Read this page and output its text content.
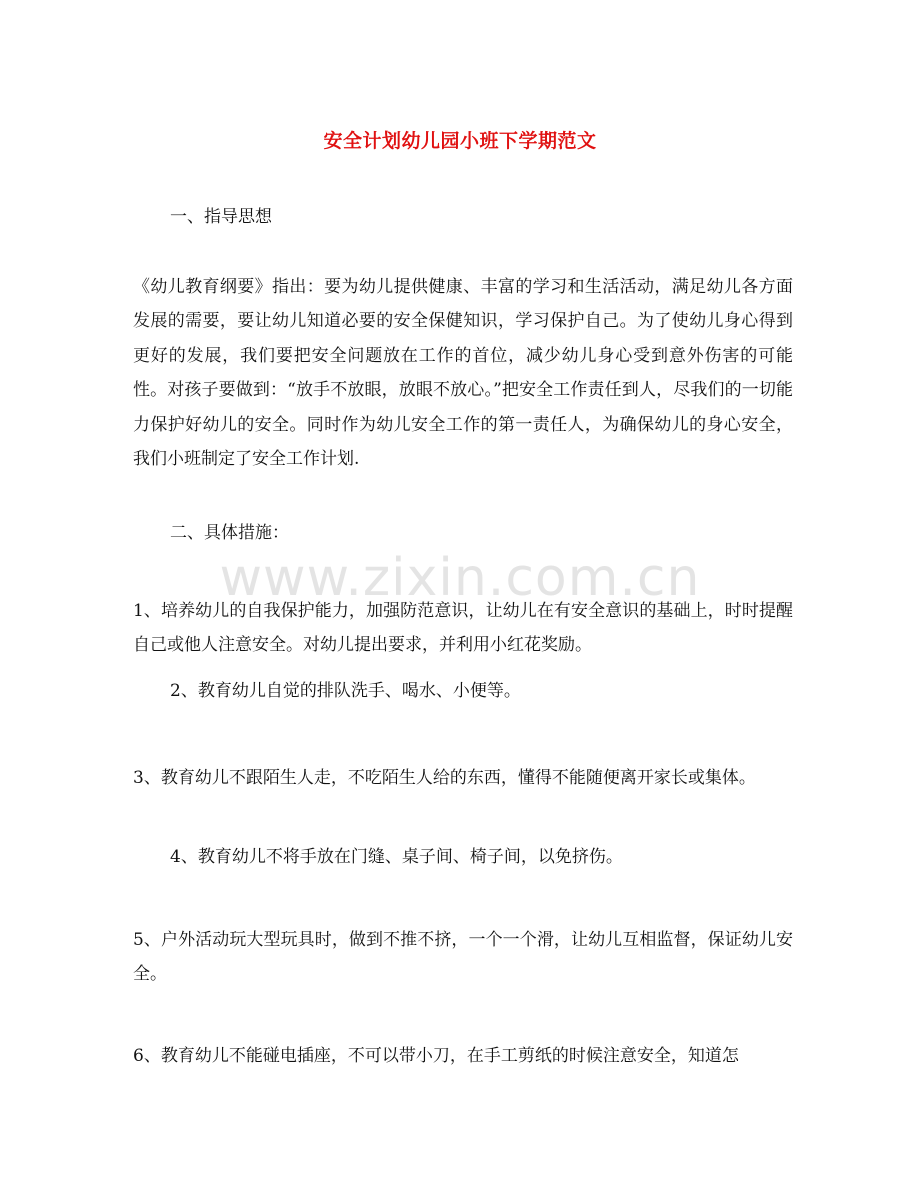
www.zixin.com.cn
安全计划幼儿园小班下学期范文
一、指导思想
《幼儿教育纲要》指出：要为幼儿提供健康、丰富的学习和生活活动，满足幼儿各方面发展的需要，要让幼儿知道必要的安全保健知识，学习保护自己。为了使幼儿身心得到更好的发展，我们要把安全问题放在工作的首位，减少幼儿身心受到意外伤害的可能性。对孩子要做到：“放手不放眼，放眼不放心。”把安全工作责任到人，尽我们的一切能力保护好幼儿的安全。同时作为幼儿安全工作的第一责任人，为确保幼儿的身心安全，我们小班制定了安全工作计划.
二、具体措施：
1、培养幼儿的自我保护能力，加强防范意识，让幼儿在有安全意识的基础上，时时提醒自己或他人注意安全。对幼儿提出要求，并利用小红花奖励。
2、教育幼儿自觉的排队洗手、喝水、小便等。
3、教育幼儿不跟陌生人走，不吃陌生人给的东西，懂得不能随便离开家长或集体。
4、教育幼儿不将手放在门缝、桌子间、椅子间，以免挤伤。
5、户外活动玩大型玩具时，做到不推不挤，一个一个滑，让幼儿互相监督，保证幼儿安全。
6、教育幼儿不能碰电插座，不可以带小刀，在手工剪纸的时候注意安全，知道怎
